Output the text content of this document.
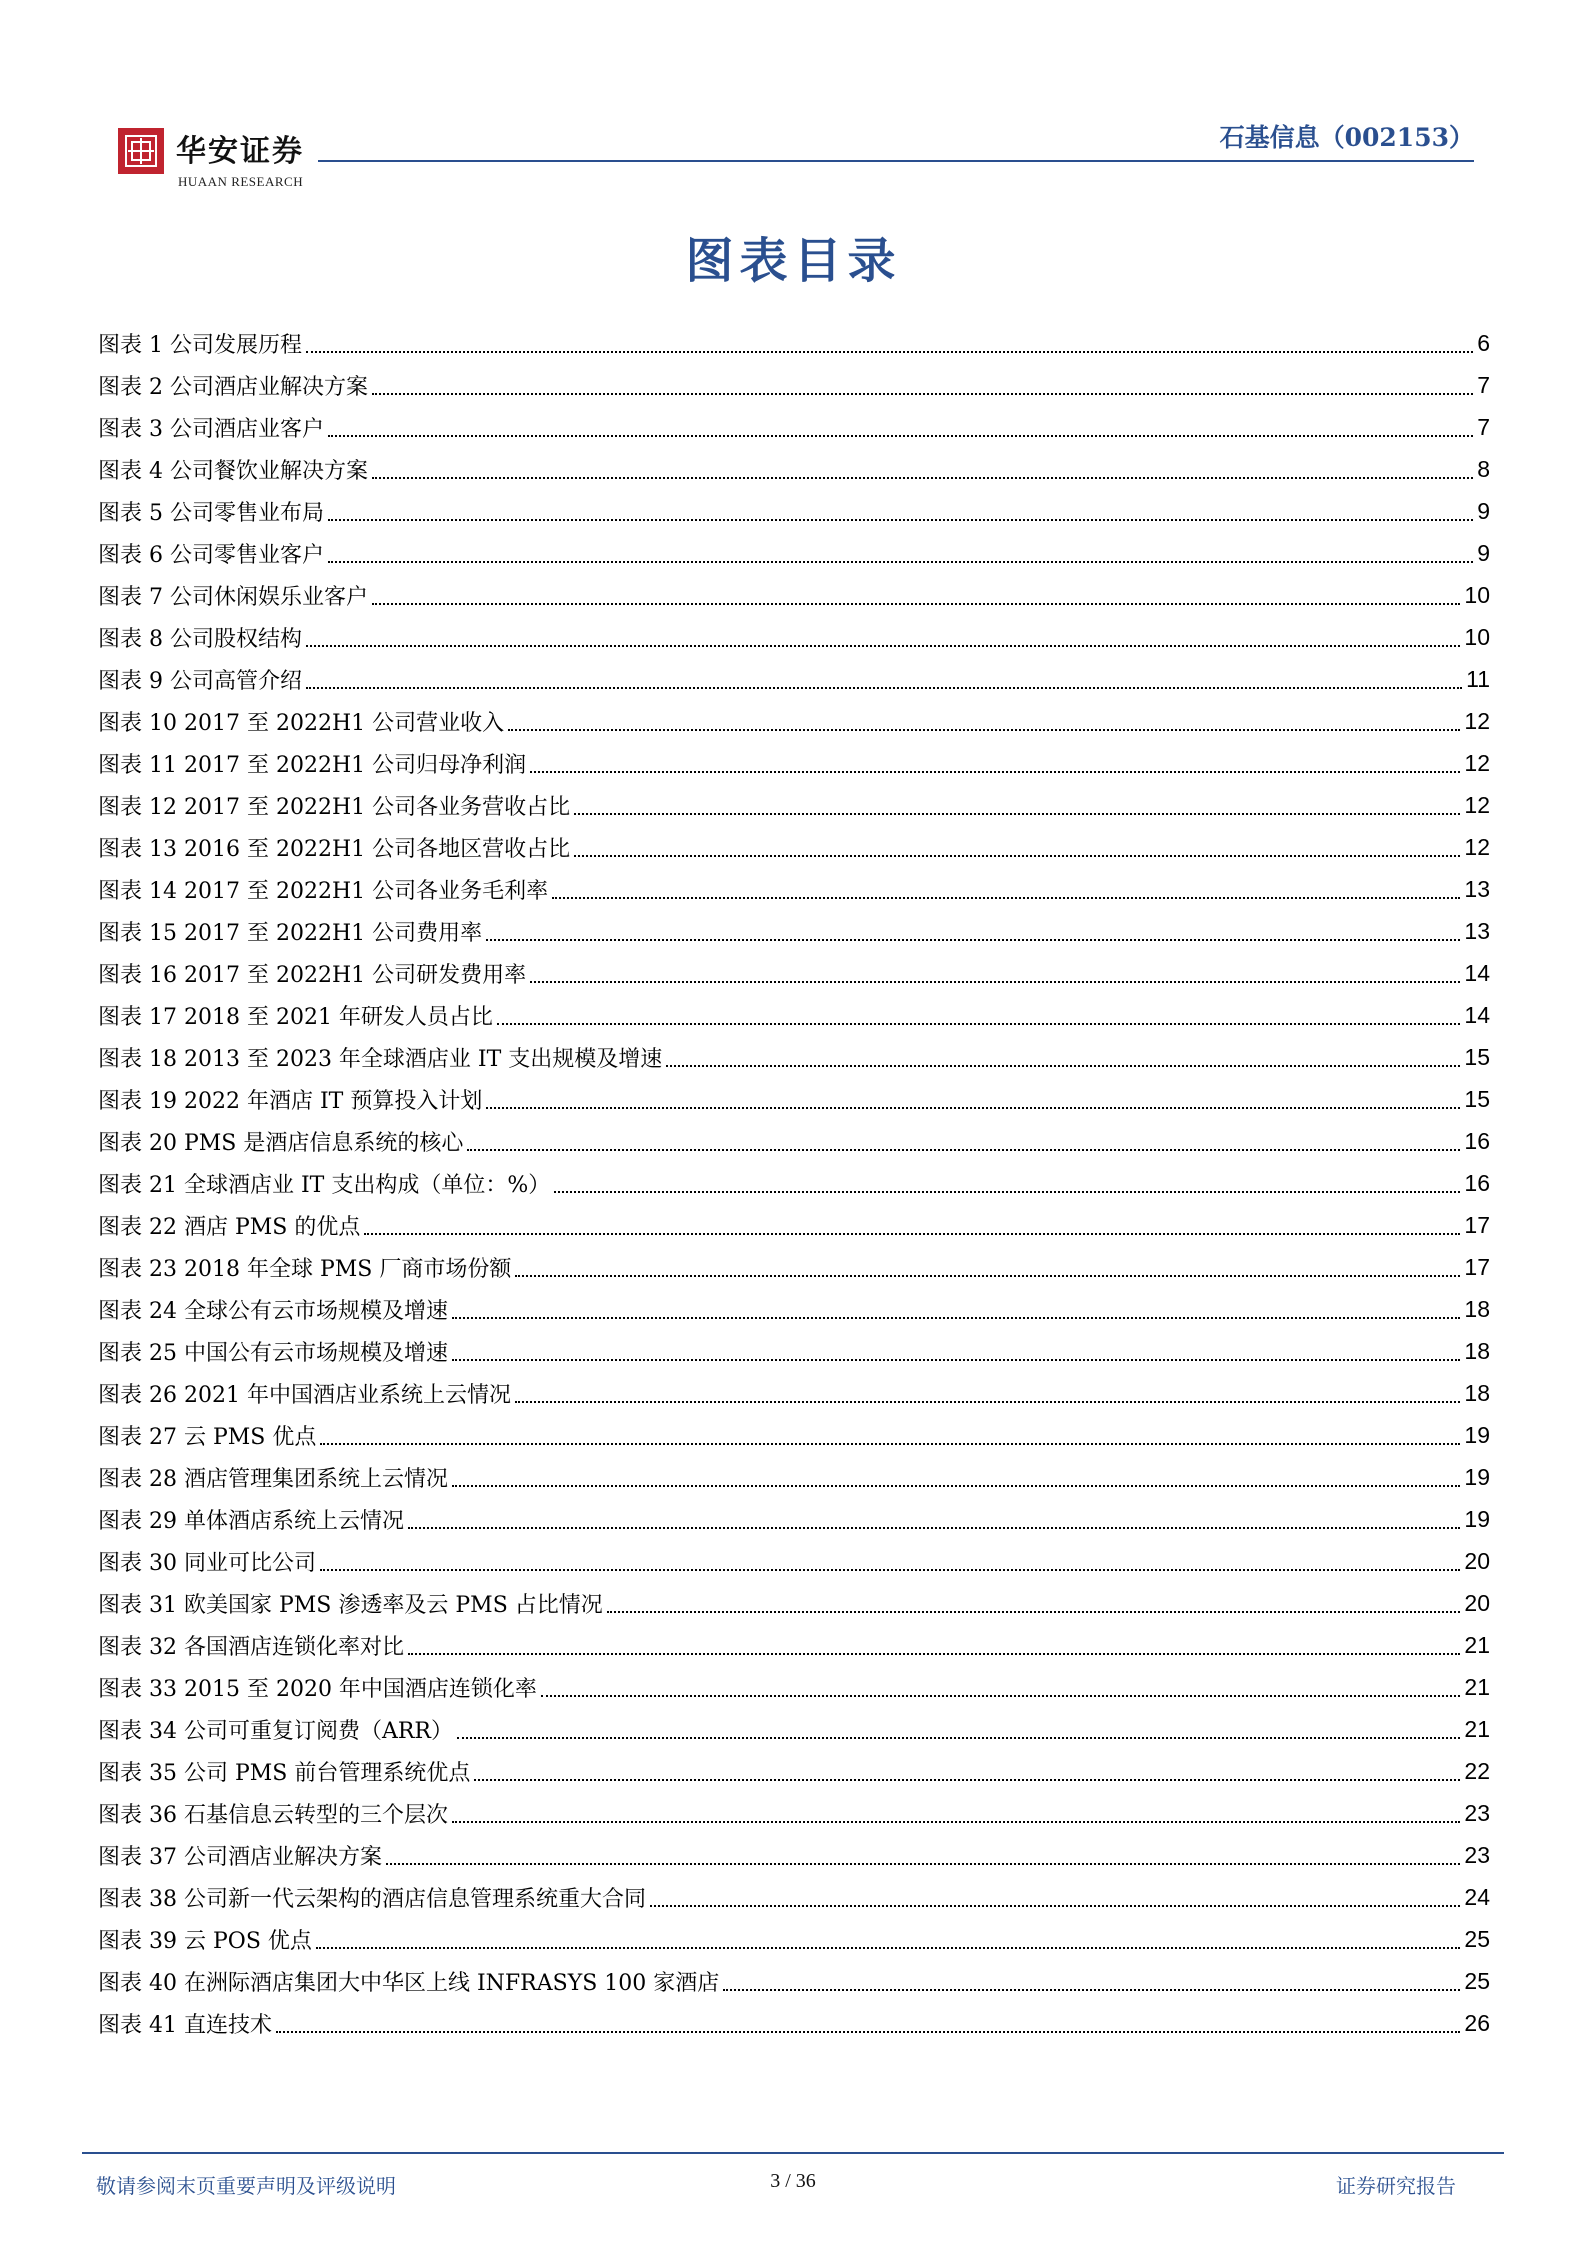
华安证券
HUAAN RESEARCH
石基信息（002153）
图表目录
图表 1 公司发展历程	6
图表 2 公司酒店业解决方案	7
图表 3 公司酒店业客户	7
图表 4 公司餐饮业解决方案	8
图表 5 公司零售业布局	9
图表 6 公司零售业客户	9
图表 7 公司休闲娱乐业客户	10
图表 8 公司股权结构	10
图表 9 公司高管介绍	11
图表 10 2017 至 2022H1 公司营业收入	12
图表 11 2017 至 2022H1 公司归母净利润	12
图表 12 2017 至 2022H1 公司各业务营收占比	12
图表 13 2016 至 2022H1 公司各地区营收占比	12
图表 14 2017 至 2022H1 公司各业务毛利率	13
图表 15 2017 至 2022H1 公司费用率	13
图表 16 2017 至 2022H1 公司研发费用率	14
图表 17 2018 至 2021 年研发人员占比	14
图表 18 2013 至 2023 年全球酒店业 IT 支出规模及增速	15
图表 19 2022 年酒店 IT 预算投入计划	15
图表 20 PMS 是酒店信息系统的核心	16
图表 21 全球酒店业 IT 支出构成（单位：%）	16
图表 22 酒店 PMS 的优点	17
图表 23 2018 年全球 PMS 厂商市场份额	17
图表 24 全球公有云市场规模及增速	18
图表 25 中国公有云市场规模及增速	18
图表 26 2021 年中国酒店业系统上云情况	18
图表 27 云 PMS 优点	19
图表 28 酒店管理集团系统上云情况	19
图表 29 单体酒店系统上云情况	19
图表 30 同业可比公司	20
图表 31 欧美国家 PMS 渗透率及云 PMS 占比情况	20
图表 32 各国酒店连锁化率对比	21
图表 33 2015 至 2020 年中国酒店连锁化率	21
图表 34 公司可重复订阅费（ARR）	21
图表 35 公司 PMS 前台管理系统优点	22
图表 36 石基信息云转型的三个层次	23
图表 37 公司酒店业解决方案	23
图表 38 公司新一代云架构的酒店信息管理系统重大合同	24
图表 39 云 POS 优点	25
图表 40 在洲际酒店集团大中华区上线 INFRASYS 100 家酒店	25
图表 41 直连技术	26
敬请参阅末页重要声明及评级说明	3 / 36	证券研究报告
